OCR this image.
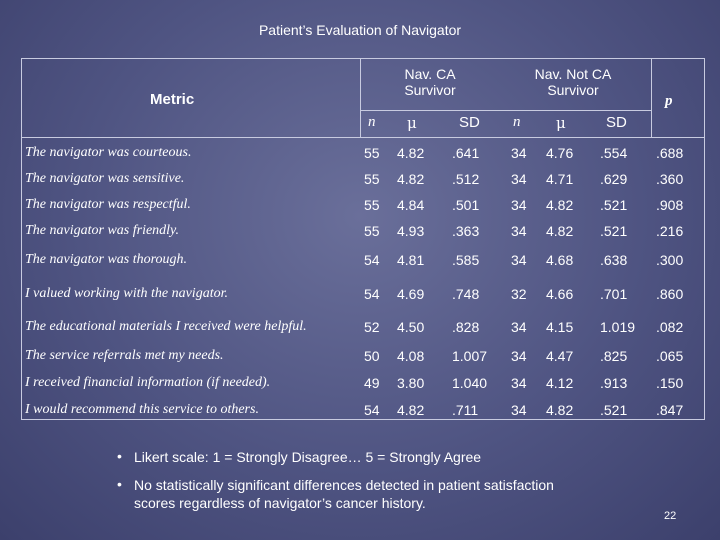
Patient’s Evaluation of Navigator
Metric
Nav. CA
Survivor
Nav. Not CA
Survivor
p
n μ	SD n μ	SD
The navigator was courteous.	55 4.82 .641 34 4.76 .554 .688
The navigator was sensitive.	55 4.82 .512 34 4.71 .629 .360
The navigator was respectful.	55 4.84 .501 34 4.82 .521 .908
The navigator was friendly.	55 4.93 .363 34 4.82 .521 .216
The navigator was thorough.	54 4.81 .585 34 4.68 .638 .300
I valued working with the navigator.	54 4.69 .748 32 4.66 .701 .860
The educational materials I received were helpful.	52 4.50 .828 34 4.15 1.019 .082
The service referrals met my needs.	50 4.08 1.007 34 4.47 .825 .065
I received financial information (if needed).	49 3.80 1.040 34 4.12 .913 .150
I would recommend this service to others.	54 4.82 .711 34 4.82 .521 .847
• Likert scale: 1 = Strongly Disagree… 5 = Strongly Agree
• No statistically significant differences detected in patient satisfaction scores regardless of navigator’s cancer history.
22
